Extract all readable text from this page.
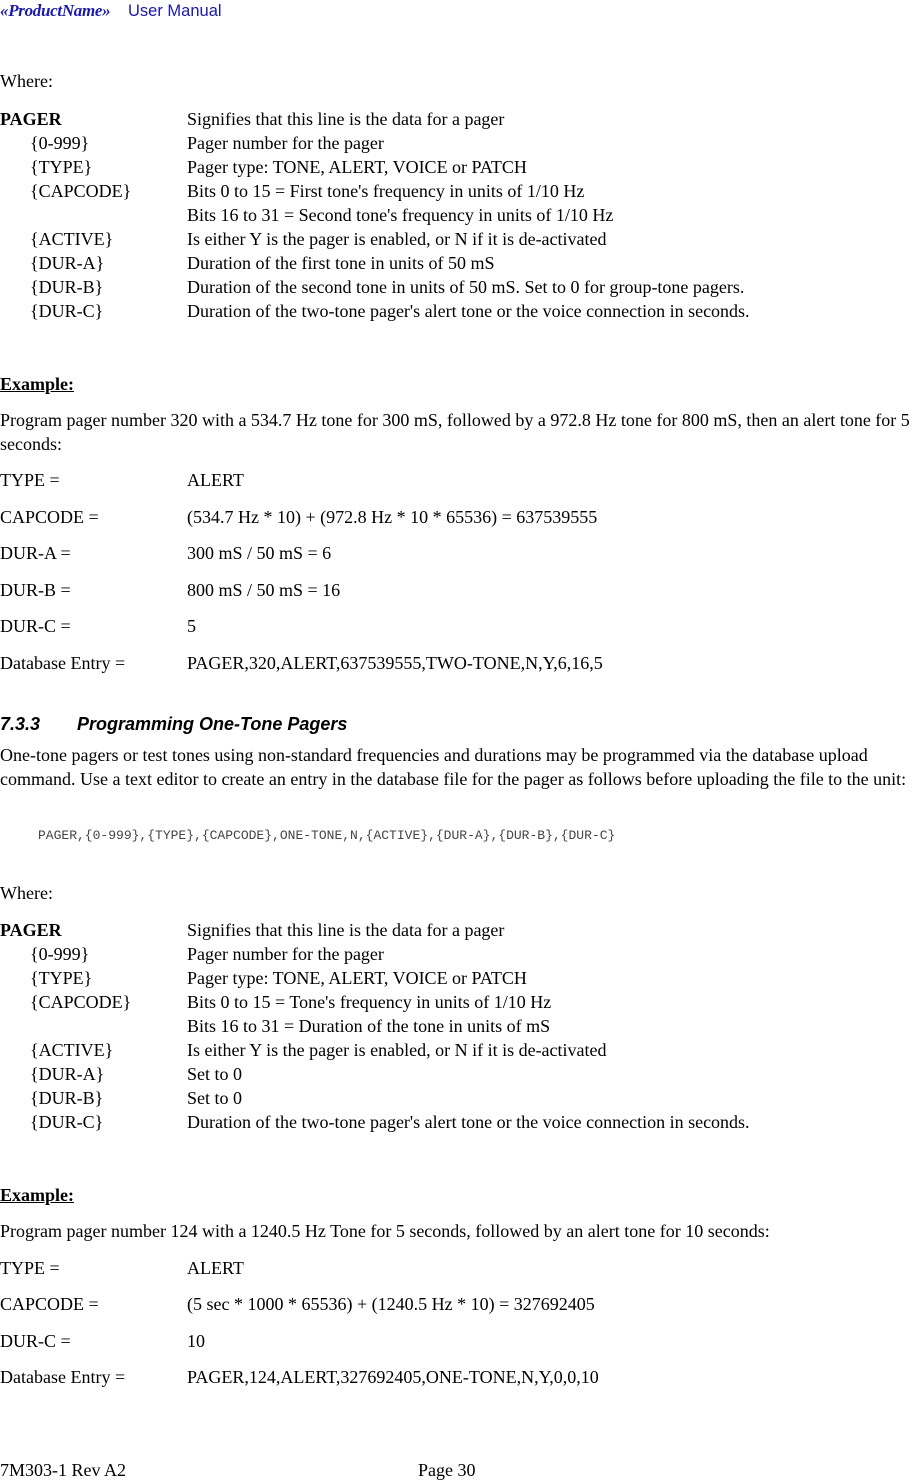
«ProductName» User Manual
Where:
PAGER	Signifies that this line is the data for a pager
{0-999}	Pager number for the pager
{TYPE}	Pager type: TONE, ALERT, VOICE or PATCH
{CAPCODE}	Bits 0 to 15 = First tone's frequency in units of 1/10 Hz
Bits 16 to 31 = Second tone's frequency in units of 1/10 Hz
{ACTIVE}	Is either Y is the pager is enabled, or N if it is de-activated
{DUR-A}	Duration of the first tone in units of 50 mS
{DUR-B}	Duration of the second tone in units of 50 mS. Set to 0 for group-tone pagers.
{DUR-C}	Duration of the two-tone pager's alert tone or the voice connection in seconds.
Example:
Program pager number 320 with a 534.7 Hz tone for 300 mS, followed by a 972.8 Hz tone for 800 mS, then an alert tone for 5 seconds:
TYPE =	ALERT
CAPCODE =	(534.7 Hz * 10) + (972.8 Hz * 10 * 65536) = 637539555
DUR-A =	300 mS / 50 mS = 6
DUR-B =	800 mS / 50 mS = 16
DUR-C =	5
Database Entry =	PAGER,320,ALERT,637539555,TWO-TONE,N,Y,6,16,5
7.3.3 Programming One-Tone Pagers
One-tone pagers or test tones using non-standard frequencies and durations may be programmed via the database upload command. Use a text editor to create an entry in the database file for the pager as follows before uploading the file to the unit:
PAGER,{0-999},{TYPE},{CAPCODE},ONE-TONE,N,{ACTIVE},{DUR-A},{DUR-B},{DUR-C}
Where:
PAGER	Signifies that this line is the data for a pager
{0-999}	Pager number for the pager
{TYPE}	Pager type: TONE, ALERT, VOICE or PATCH
{CAPCODE}	Bits 0 to 15 = Tone's frequency in units of 1/10 Hz
Bits 16 to 31 = Duration of the tone in units of mS
{ACTIVE}	Is either Y is the pager is enabled, or N if it is de-activated
{DUR-A}	Set to 0
{DUR-B}	Set to 0
{DUR-C}	Duration of the two-tone pager's alert tone or the voice connection in seconds.
Example:
Program pager number 124 with a 1240.5 Hz Tone for 5 seconds, followed by an alert tone for 10 seconds:
TYPE =	ALERT
CAPCODE =	(5 sec * 1000 * 65536) + (1240.5 Hz * 10) = 327692405
DUR-C =	10
Database Entry =	PAGER,124,ALERT,327692405,ONE-TONE,N,Y,0,0,10
7M303-1 Rev A2	Page 30
